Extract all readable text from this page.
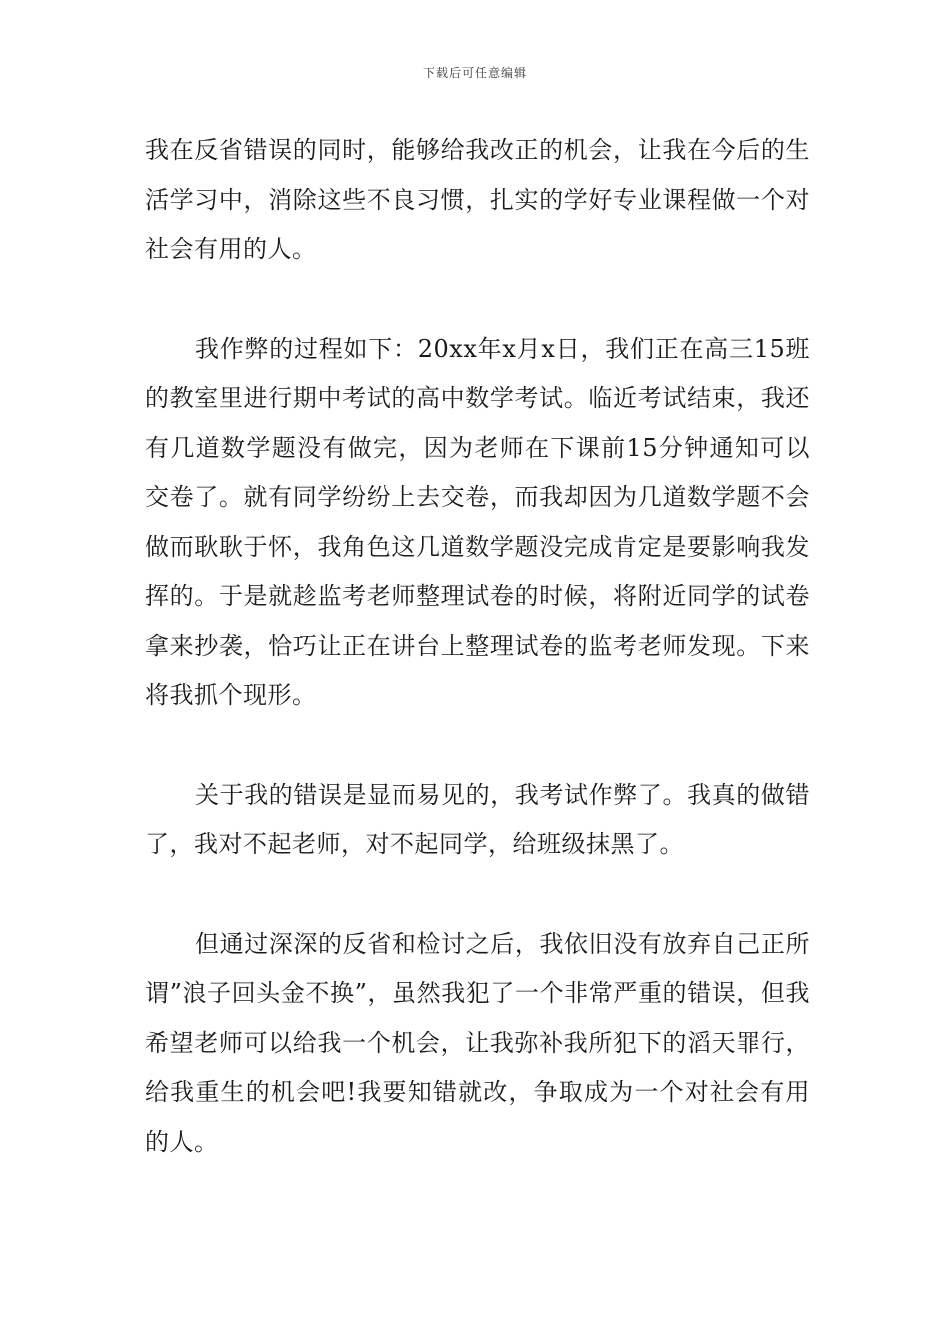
下载后可任意编辑

我在反省错误的同时，能够给我改正的机会，让我在今后的生活学习中，消除这些不良习惯，扎实的学好专业课程做一个对社会有用的人。

我作弊的过程如下：20xx年x月x日，我们正在高三15班的教室里进行期中考试的高中数学考试。临近考试结束，我还有几道数学题没有做完，因为老师在下课前15分钟通知可以交卷了。就有同学纷纷上去交卷，而我却因为几道数学题不会做而耿耿于怀，我角色这几道数学题没完成肯定是要影响我发挥的。于是就趁监考老师整理试卷的时候，将附近同学的试卷拿来抄袭，恰巧让正在讲台上整理试卷的监考老师发现。下来将我抓个现形。

关于我的错误是显而易见的，我考试作弊了。我真的做错了，我对不起老师，对不起同学，给班级抹黑了。

但通过深深的反省和检讨之后，我依旧没有放弃自己正所谓”浪子回头金不换”，虽然我犯了一个非常严重的错误，但我希望老师可以给我一个机会，让我弥补我所犯下的滔天罪行，给我重生的机会吧!我要知错就改，争取成为一个对社会有用的人。
